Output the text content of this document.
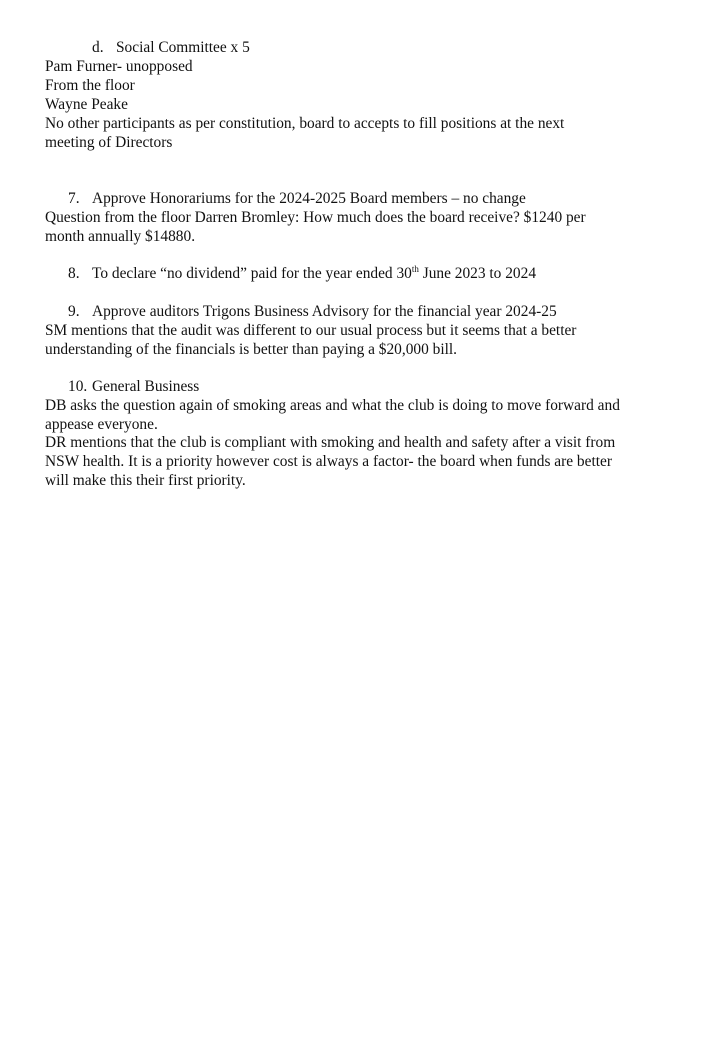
d. Social Committee x 5
Pam Furner- unopposed
From the floor
Wayne Peake
No other participants as per constitution, board to accepts to fill positions at the next
meeting of Directors
7. Approve Honorariums for the 2024-2025 Board members – no change
Question from the floor Darren Bromley: How much does the board receive? $1240 per
month annually $14880.
8. To declare “no dividend” paid for the year ended 30th June 2023 to 2024
9. Approve auditors Trigons Business Advisory for the financial year 2024-25
SM mentions that the audit was different to our usual process but it seems that a better
understanding of the financials is better than paying a $20,000 bill.
10. General Business
DB asks the question again of smoking areas and what the club is doing to move forward and
appease everyone.
DR mentions that the club is compliant with smoking and health and safety after a visit from
NSW health. It is a priority however cost is always a factor- the board when funds are better
will make this their first priority.
